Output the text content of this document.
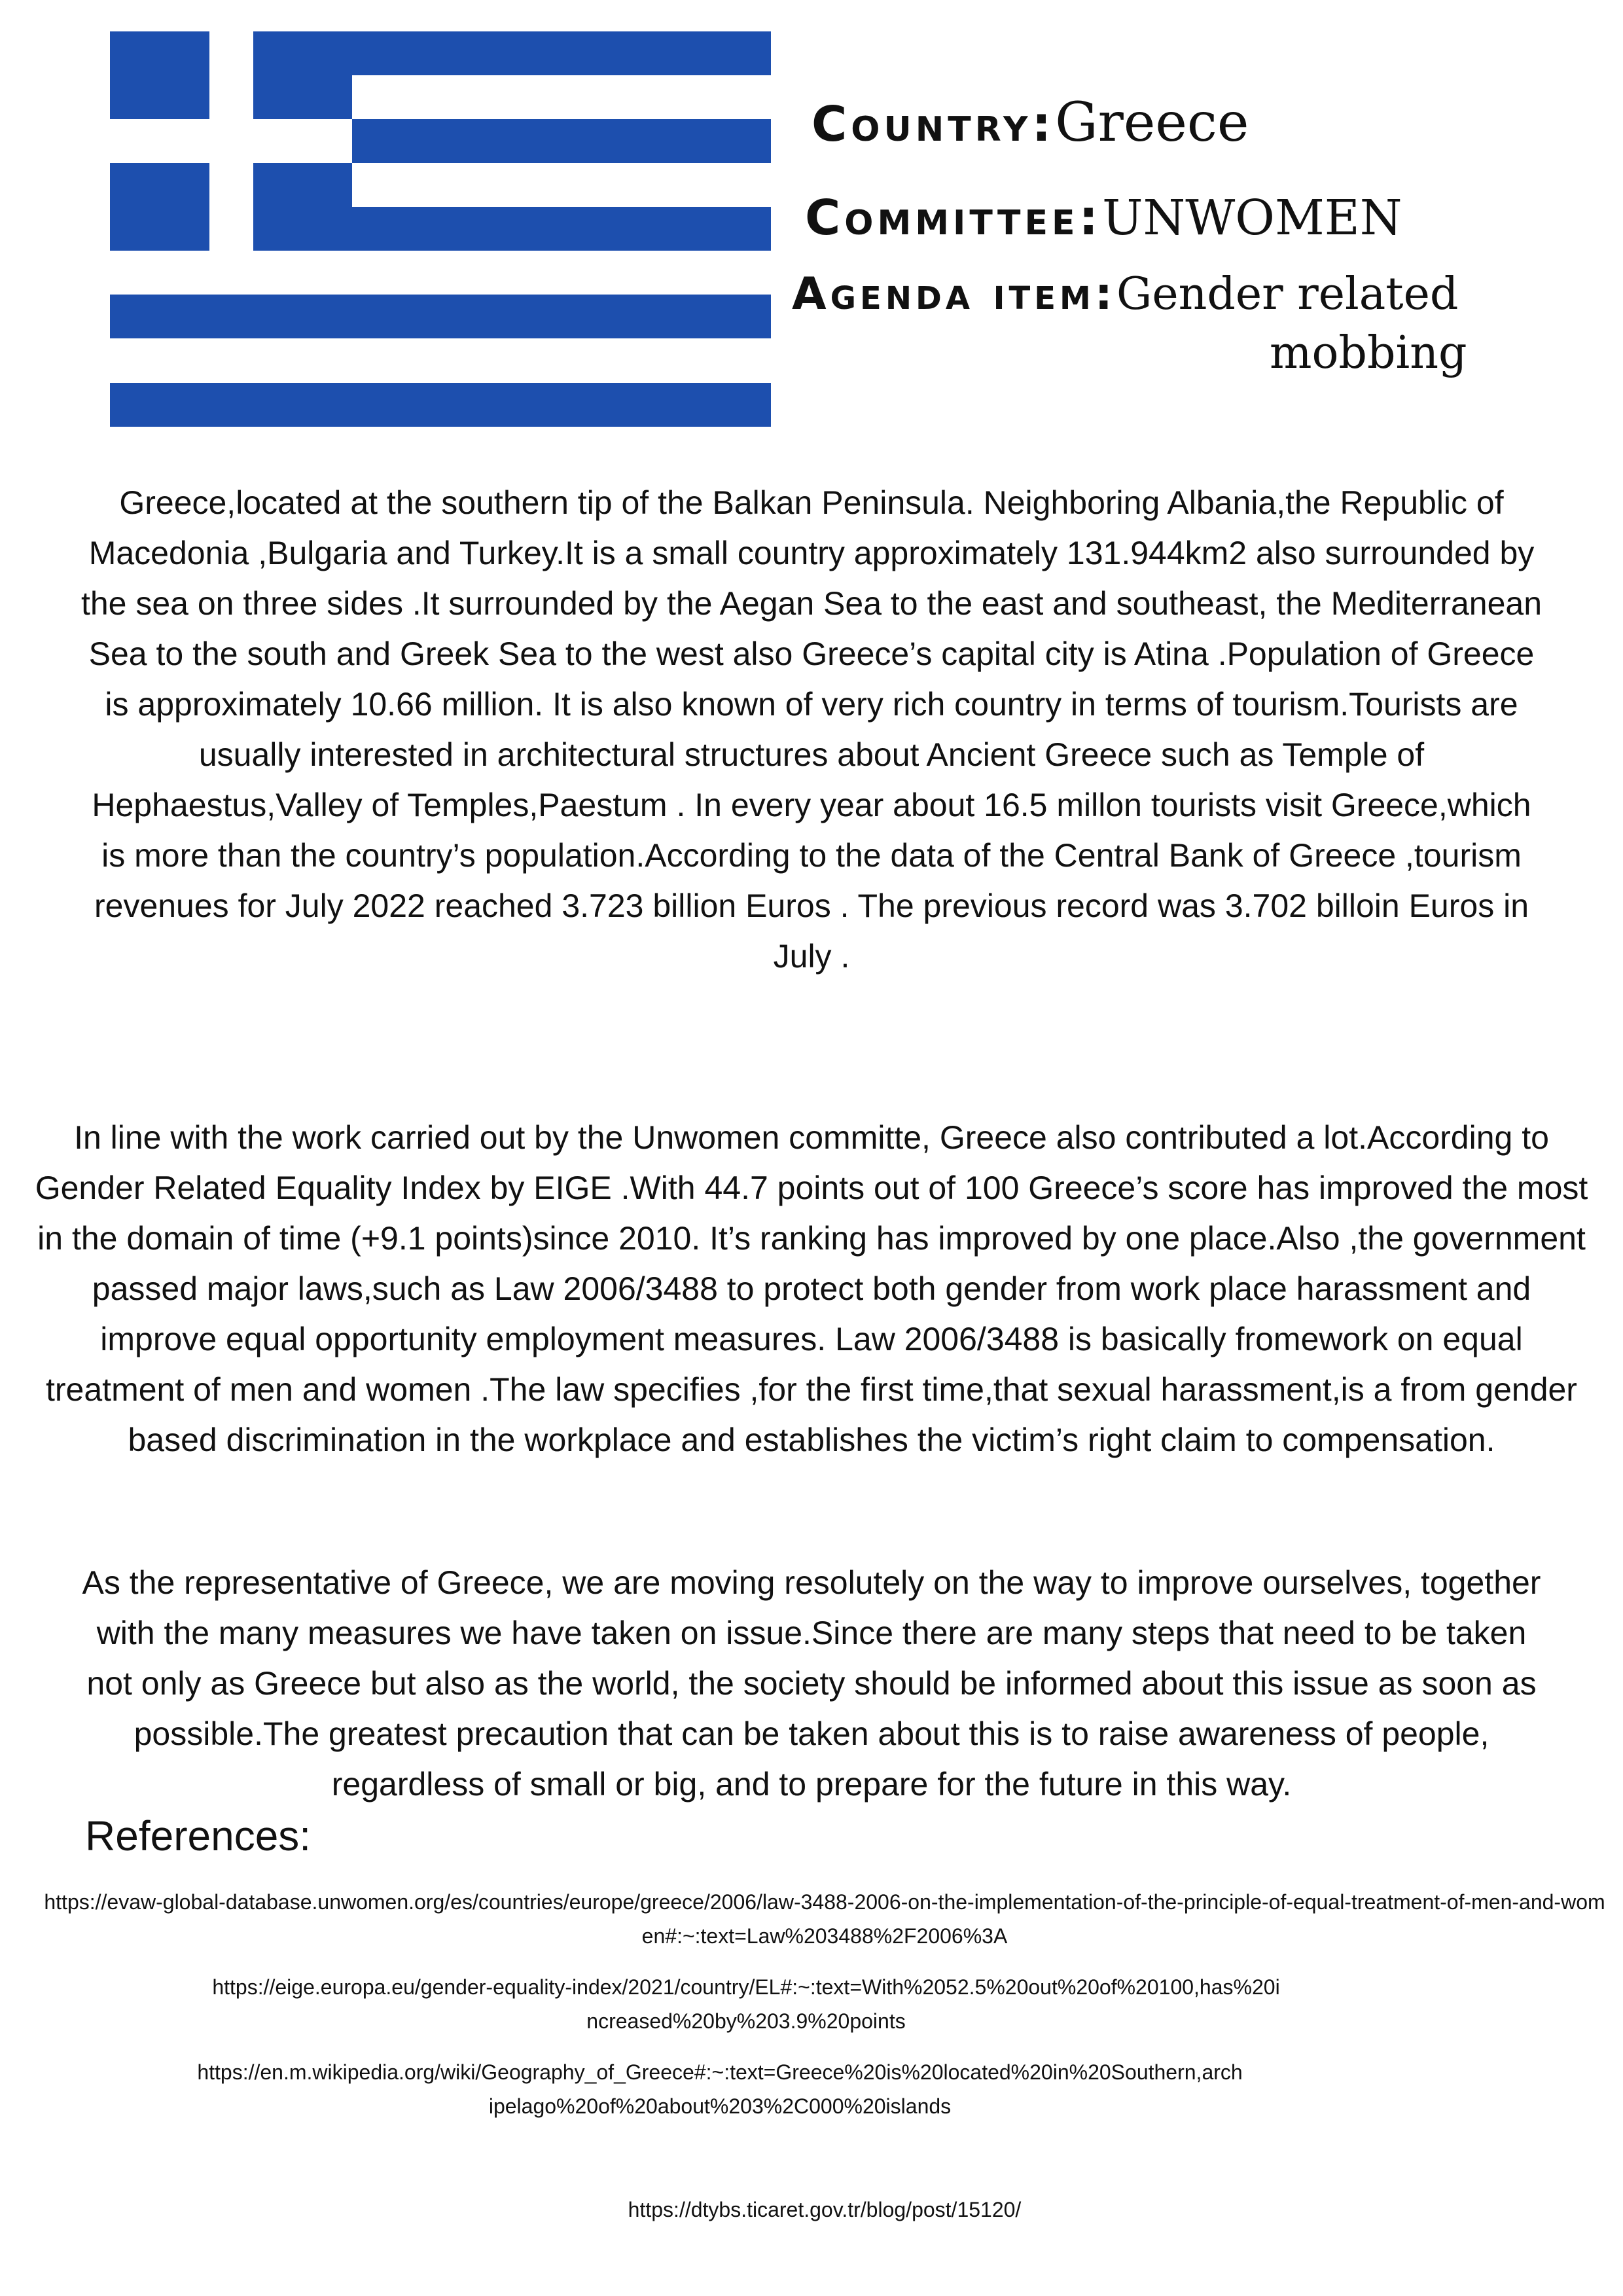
Country:Greece
Committee:UNWOMEN
Agenda item:Gender related
mobbing
Greece,located at the southern tip of the Balkan Peninsula. Neighboring Albania,the Republic of Macedonia ,Bulgaria and Turkey.It is a small country approximately 131.944km2 also surrounded by the sea on three sides .It surrounded by the Aegan Sea to the east and southeast, the Mediterranean Sea to the south and Greek Sea to the west also Greece’s capital city is Atina .Population of Greece is approximately 10.66 million. It is also known of very rich country in terms of tourism.Tourists are usually interested in architectural structures about Ancient Greece such as Temple of Hephaestus,Valley of Temples,Paestum . In every year about 16.5 millon tourists visit Greece,which is more than the country’s population.According to the data of the Central Bank of Greece ,tourism revenues for July 2022 reached 3.723 billion Euros . The previous record was 3.702 billoin Euros in July .
In line with the work carried out by the Unwomen committe, Greece also contributed a lot.According to Gender Related Equality Index by EIGE .With 44.7 points out of 100 Greece’s score has improved the most in the domain of time (+9.1 points)since 2010. It’s ranking has improved by one place.Also ,the government passed major laws,such as Law 2006/3488 to protect both gender from work place harassment and improve equal opportunity employment measures. Law 2006/3488 is basically fromework on equal treatment of men and women .The law specifies ,for the first time,that sexual harassment,is a from gender based discrimination in the workplace and establishes the victim’s right claim to compensation.
As the representative of Greece, we are moving resolutely on the way to improve ourselves, together with the many measures we have taken on issue.Since there are many steps that need to be taken not only as Greece but also as the world, the society should be informed about this issue as soon as possible.The greatest precaution that can be taken about this is to raise awareness of people, regardless of small or big, and to prepare for the future in this way.
References:
https://evaw-global-database.unwomen.org/es/countries/europe/greece/2006/law-3488-2006-on-the-implementation-of-the-principle-of-equal-treatment-of-men-and-women#:~:text=Law%203488%2F2006%3A
https://eige.europa.eu/gender-equality-index/2021/country/EL#:~:text=With%2052.5%20out%20of%20100,has%20increased%20by%203.9%20points
https://en.m.wikipedia.org/wiki/Geography_of_Greece#:~:text=Greece%20is%20located%20in%20Southern,archipelago%20of%20about%203%2C000%20islands
https://dtybs.ticaret.gov.tr/blog/post/15120/
